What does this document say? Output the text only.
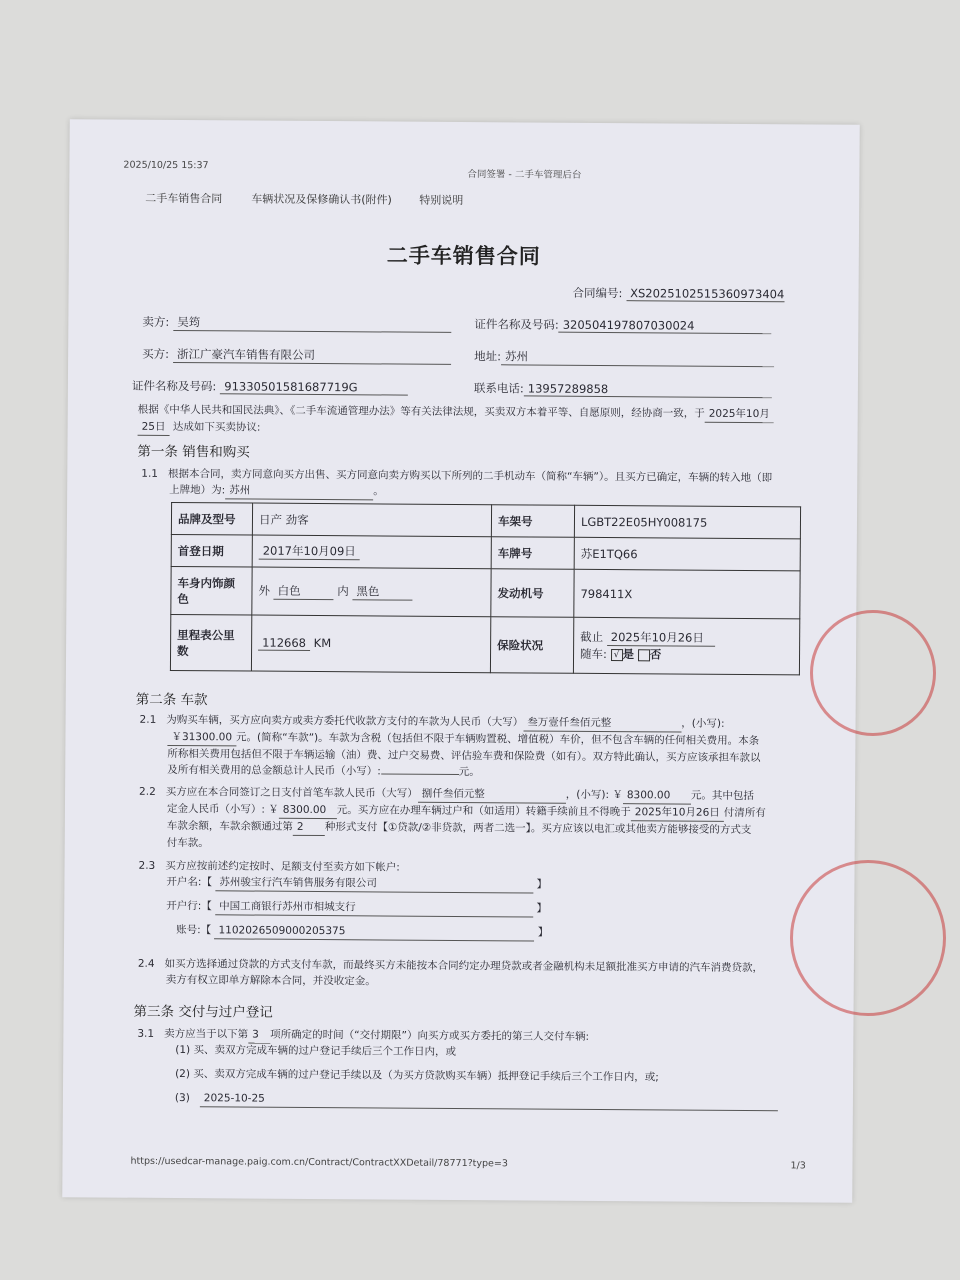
2025/10/25 15:37
合同签署 - 二手车管理后台
二手车销售合同	车辆状况及保修确认书(附件) 特别说明
二手车销售合同
合同编号: XS20251025153609734​04
卖方: 吴筠	证件名称及号码: 320504197807030024
买方: 浙江广豪汽车销售有限公司	地址: 苏州
证件名称及号码: 91330501581687719G	联系电话: 13957289858
根据《中华人民共和国民法典》、《二手车流通管理办法》等有关法律法规，买卖双方本着平等、自愿原则，经协商一致，于 2025年10月
25日 达成如下买卖协议:
第一条 销售和购买
1.1 根据本合同，卖方同意向买方出售、买方同意向卖方购买以下所列的二手机动车（简称“车辆”）。且买方已确定，车辆的转入地（即
上牌地）为: 苏州	。
品牌及型号	日产 劲客	车架号	LGBT22E05HY008175
首登日期	2017年10月09日	车牌号	苏E1TQ66
车身内饰颜色	外 白色 内 黑色	发动机号	798411X
里程表公里数	112668 KM	保险状况	截止 2025年10月26日
随车: √ 是 否
第二条 车款
2.1 为购买车辆，买方应向卖方或卖方委托代收款方支付的车款为人民币（大写） 叁万壹仟叁佰元整	，(小写):
￥31300.00 元。(简称“车款”)。车款为含税（包括但不限于车辆购置税、增值税）车价，但不包含车辆的任何相关费用。本条
所称相关费用包括但不限于车辆运输（油）费、过户交易费、评估验车费和保险费（如有）。双方特此确认，买方应该承担车款以
及所有相关费用的总金额总计人民币（小写）:	元。
2.2 买方应在本合同签订之日支付首笔车款人民币（大写） 捌仟叁佰元整	，(小写): ￥ 8300.00 元。其中包括
定金人民币（小写）: ￥ 8300.00 元。买方应在办理车辆过户和（如适用）转籍手续前且不得晚于 2025年10月26日 付清所有
车款余额，车款余额通过第 2 种形式支付【①贷款/②非贷款，两者二选一】。买方应该以电汇或其他卖方能够接受的方式支
付车款。
2.3 买方应按前述约定按时、足额支付至卖方如下帐户:
开户名:【 苏州骏宝行汽车销售服务有限公司	】
开户行:【 中国工商银行苏州市相城支行	】
账号:【 1102026509000205375	】
2.4 如买方选择通过贷款的方式支付车款，而最终买方未能按本合同约定办理贷款或者金融机构未足额批准买方申请的汽车消费贷款，
卖方有权立即单方解除本合同，并没收定金。
第三条 交付与过户登记
3.1 卖方应当于以下第 3 项所确定的时间（“交付期限”）向买方或买方委托的第三人交付车辆:
(1) 买、卖双方完成车辆的过户登记手续后三个工作日内，或
(2) 买、卖双方完成车辆的过户登记手续以及（为买方贷款购买车辆）抵押登记手续后三个工作日内，或;
(3) 2025-10-25
https://usedcar-manage.paig.com.cn/Contract/ContractXXDetail/78771?type=3	1/3
